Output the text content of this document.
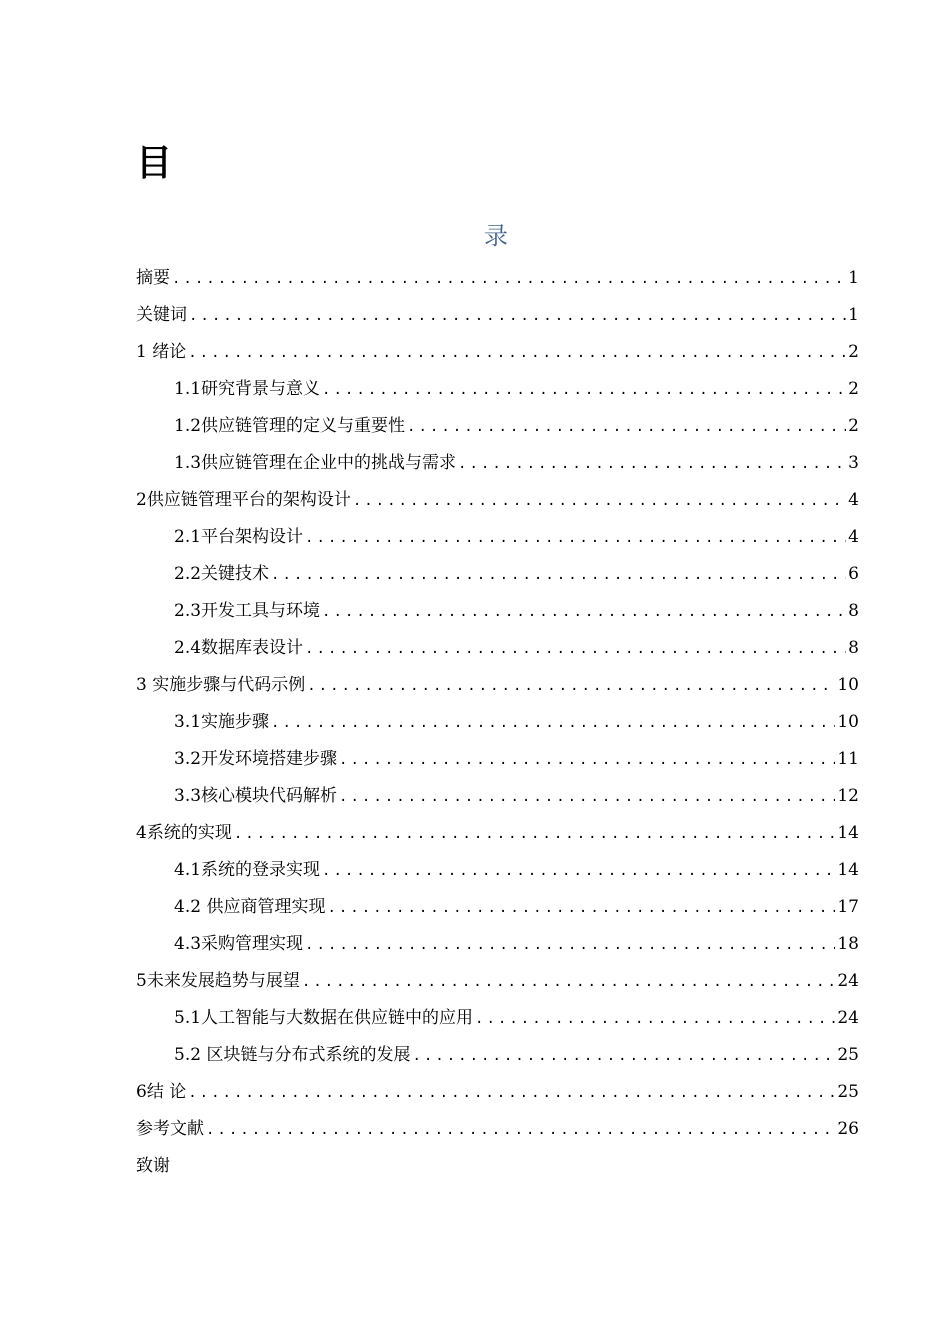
目
录
摘要 .....	1
关键词 .....	1
1 绪论 .....	2
1.1研究背景与意义 .....	2
1.2供应链管理的定义与重要性 .....	2
1.3供应链管理在企业中的挑战与需求 .....	3
2供应链管理平台的架构设计 .....	4
2.1平台架构设计 .....	4
2.2关键技术 .....	6
2.3开发工具与环境 .....	8
2.4数据库表设计 .....	8
3 实施步骤与代码示例 .....	10
3.1实施步骤 .....	10
3.2开发环境搭建步骤 .....	11
3.3核心模块代码解析 .....	12
4系统的实现 .....	14
4.1系统的登录实现 .....	14
4.2 供应商管理实现 .....	17
4.3采购管理实现 .....	18
5未来发展趋势与展望 .....	24
5.1人工智能与大数据在供应链中的应用 .....	24
5.2 区块链与分布式系统的发展 .....	25
6结 论 .....	25
参考文献 .....	26
致谢
